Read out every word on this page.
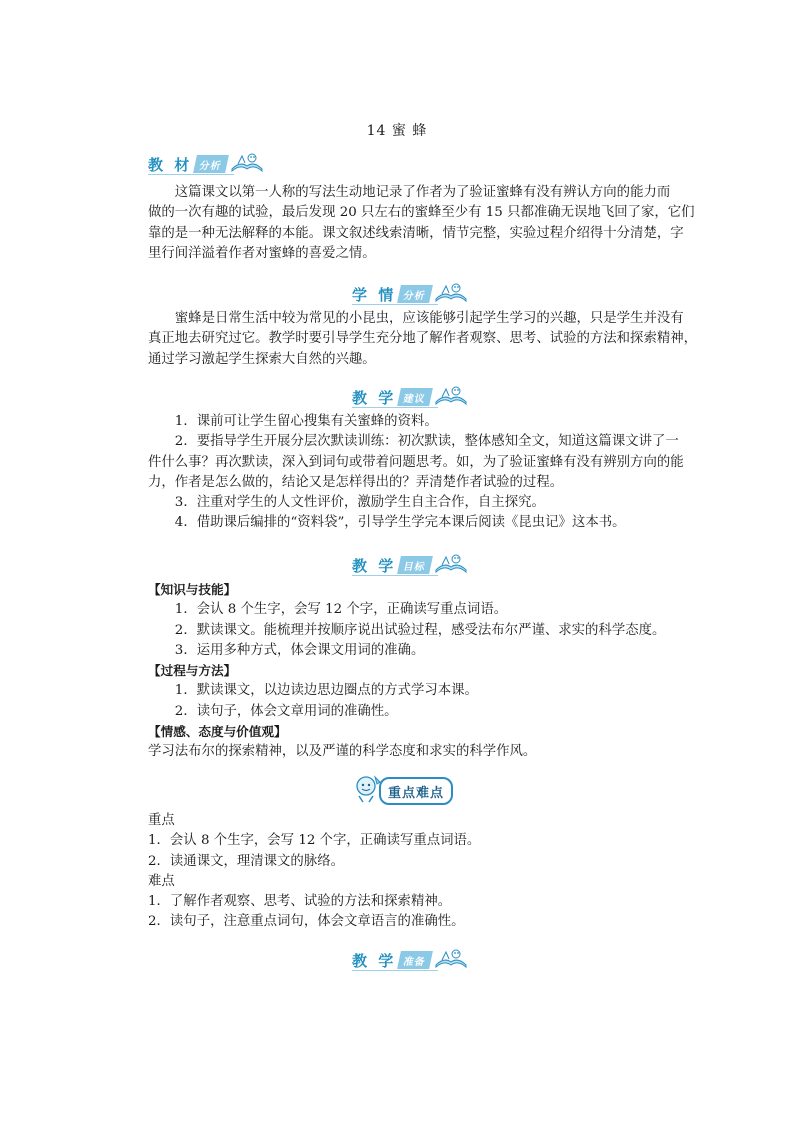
14 蜜 蜂
教 材 分析

这篇课文以第一人称的写法生动地记录了作者为了验证蜜蜂有没有辨认方向的能力而

做的一次有趣的试验，最后发现 20 只左右的蜜蜂至少有 15 只都准确无误地飞回了家，它们

靠的是一种无法解释的本能。课文叙述线索清晰，情节完整，实验过程介绍得十分清楚，字

里行间洋溢着作者对蜜蜂的喜爱之情。

学 情 分析

蜜蜂是日常生活中较为常见的小昆虫，应该能够引起学生学习的兴趣，只是学生并没有

真正地去研究过它。教学时要引导学生充分地了解作者观察、思考、试验的方法和探索精神，

通过学习激起学生探索大自然的兴趣。

教 学 建议

1．课前可让学生留心搜集有关蜜蜂的资料。

2．要指导学生开展分层次默读训练：初次默读，整体感知全文，知道这篇课文讲了一

件什么事？再次默读，深入到词句或带着问题思考。如，为了验证蜜蜂有没有辨别方向的能

力，作者是怎么做的，结论又是怎样得出的？弄清楚作者试验的过程。

3．注重对学生的人文性评价，激励学生自主合作，自主探究。

4．借助课后编排的“资料袋”，引导学生学完本课后阅读《昆虫记》这本书。

教 学 目标

【知识与技能】

1．会认 8 个生字，会写 12 个字，正确读写重点词语。

2．默读课文。能梳理并按顺序说出试验过程，感受法布尔严谨、求实的科学态度。

3．运用多种方式，体会课文用词的准确。

【过程与方法】

1．默读课文，以边读边思边圈点的方式学习本课。

2．读句子，体会文章用词的准确性。

【情感、态度与价值观】

学习法布尔的探索精神，以及严谨的科学态度和求实的科学作风。

重点难点

重点

1．会认 8 个生字，会写 12 个字，正确读写重点词语。

2．读通课文，理清课文的脉络。

难点

1．了解作者观察、思考、试验的方法和探索精神。

2．读句子，注意重点词句，体会文章语言的准确性。

教 学 准备
